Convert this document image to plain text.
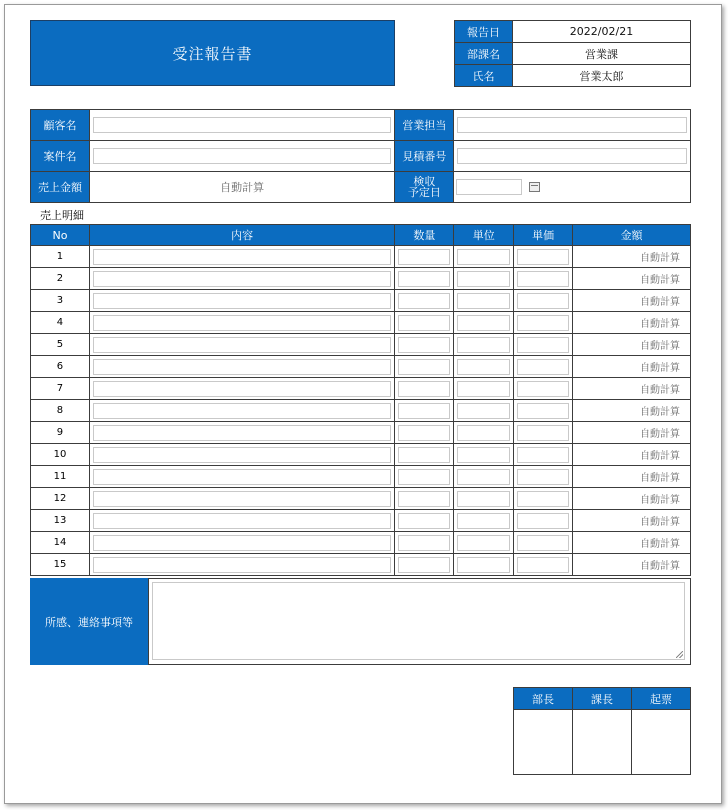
受注報告書
報告日	2022/02/21
部課名	営業課
氏名	営業太郎
顧客名		営業担当	

案件名		見積番号	

売上金額	自動計算	検収
予定日	

売上明細
No	内容	数量	単位	単価	金額
1					自動計算
2					自動計算
3					自動計算
4					自動計算
5					自動計算
6					自動計算
7					自動計算
8					自動計算
9					自動計算
10					自動計算
11					自動計算
12					自動計算
13					自動計算
14					自動計算
15					自動計算
所感、連絡事項等
部長	課長	起票
